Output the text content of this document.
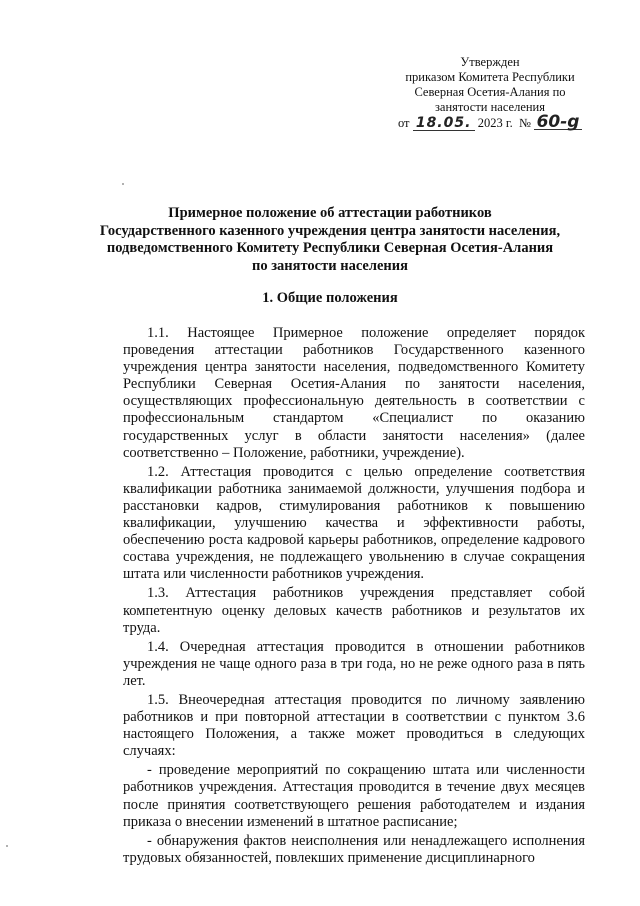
Утвержден
приказом Комитета Республики
Северная Осетия-Алания по
занятости населения
от 18.05. 2023 г. № 60-g
Примерное положение об аттестации работников
Государственного казенного учреждения центра занятости населения,
подведомственного Комитету Республики Северная Осетия-Алания
по занятости населения
1. Общие положения

1.1. Настоящее Примерное положение определяет порядок проведения аттестации работников Государственного казенного учреждения центра занятости населения, подведомственного Комитету Республики Северная Осетия-Алания по занятости населения, осуществляющих профессиональную деятельность в соответствии с профессиональным стандартом «Специалист по оказанию государственных услуг в области занятости населения» (далее соответственно – Положение, работники, учреждение).

1.2. Аттестация проводится с целью определение соответствия квалификации работника занимаемой должности, улучшения подбора и расстановки кадров, стимулирования работников к повышению квалификации, улучшению качества и эффективности работы, обеспечению роста кадровой карьеры работников, определение кадрового состава учреждения, не подлежащего увольнению в случае сокращения штата или численности работников учреждения.

1.3. Аттестация работников учреждения представляет собой компетентную оценку деловых качеств работников и результатов их труда.

1.4. Очередная аттестация проводится в отношении работников учреждения не чаще одного раза в три года, но не реже одного раза в пять лет.

1.5. Внеочередная аттестация проводится по личному заявлению работников и при повторной аттестации в соответствии с пунктом 3.6 настоящего Положения, а также может проводиться в следующих случаях:

- проведение мероприятий по сокращению штата или численности работников учреждения. Аттестация проводится в течение двух месяцев после принятия соответствующего решения работодателем и издания приказа о внесении изменений в штатное расписание;

- обнаружения фактов неисполнения или ненадлежащего исполнения трудовых обязанностей, повлекших применение дисциплинарного
